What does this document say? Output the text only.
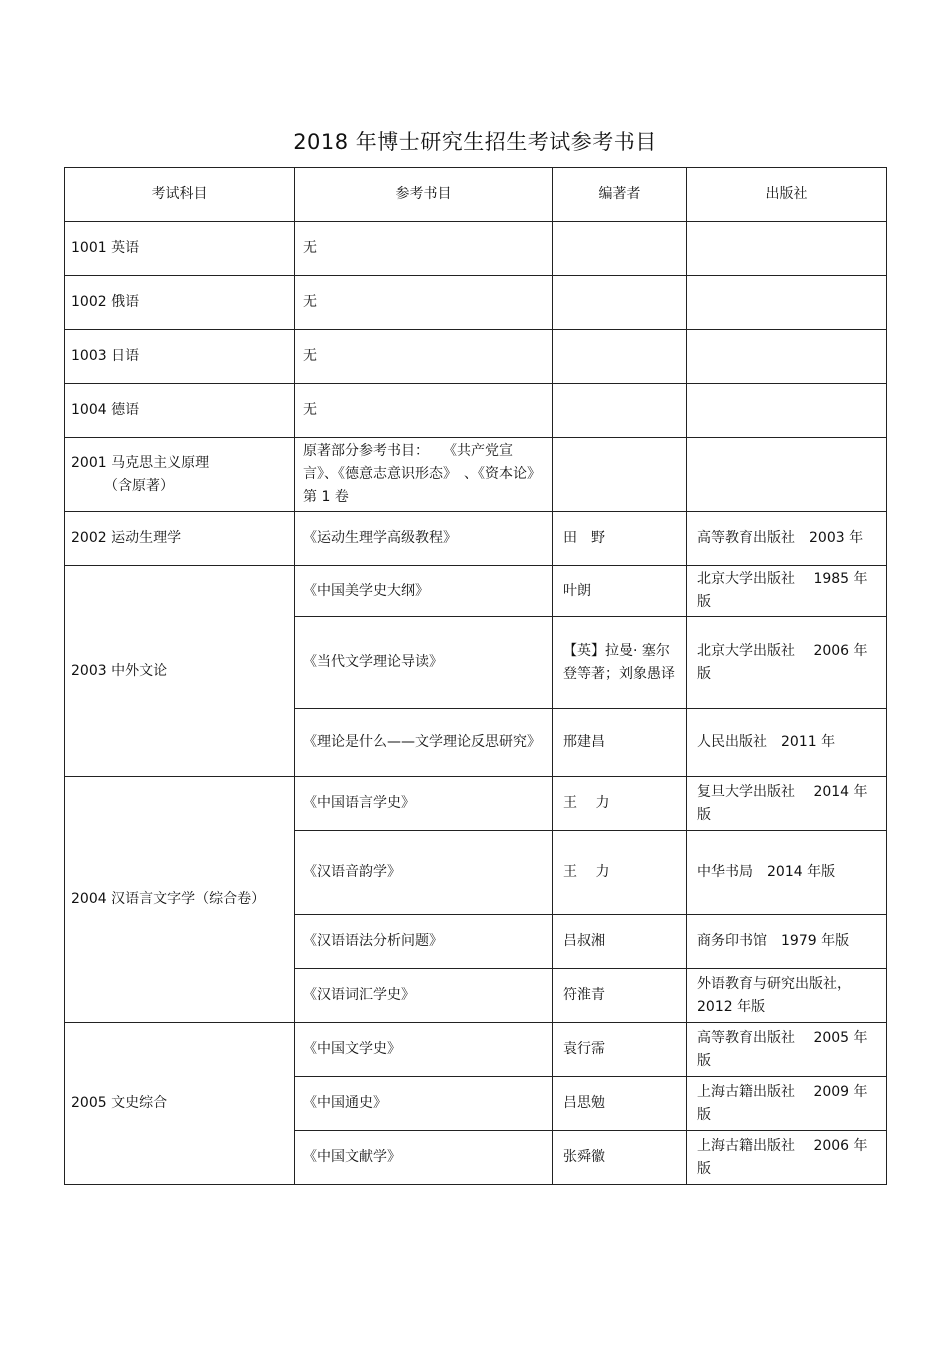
2018 年博士研究生招生考试参考书目
考试科目	参考书目	编著者	出版社
1001 英语	无		
1002 俄语	无		
1003 日语	无		
1004 德语	无		

2001 马克思主义原理
（含原著）	原著部分参考书目：　　《共产党宣言》、《德意志意识形态》　、《资本论》第 1 卷		
2002 运动生理学	《运动生理学高级教程》	田　野	高等教育出版社　2003 年
2003 中外文论	《中国美学史大纲》	叶朗	北京大学出版社　 1985 年版
	《当代文学理论导读》	【英】拉曼· 塞尔登等著；刘象愚译	北京大学出版社　 2006 年版
	《理论是什么——文学理论反思研究》	邢建昌	人民出版社　2011 年
2004 汉语言文字学（综合卷）	《中国语言学史》	王　 力	复旦大学出版社　 2014 年版
	《汉语音韵学》	王　 力	中华书局　2014 年版
	《汉语语法分析问题》	吕叔湘	商务印书馆　1979 年版
	《汉语词汇学史》	符淮青	外语教育与研究出版社，2012 年版
2005 文史综合	《中国文学史》	袁行霈	高等教育出版社　 2005 年版
	《中国通史》	吕思勉	上海古籍出版社　 2009 年版
	《中国文献学》	张舜徽	上海古籍出版社　 2006 年版
